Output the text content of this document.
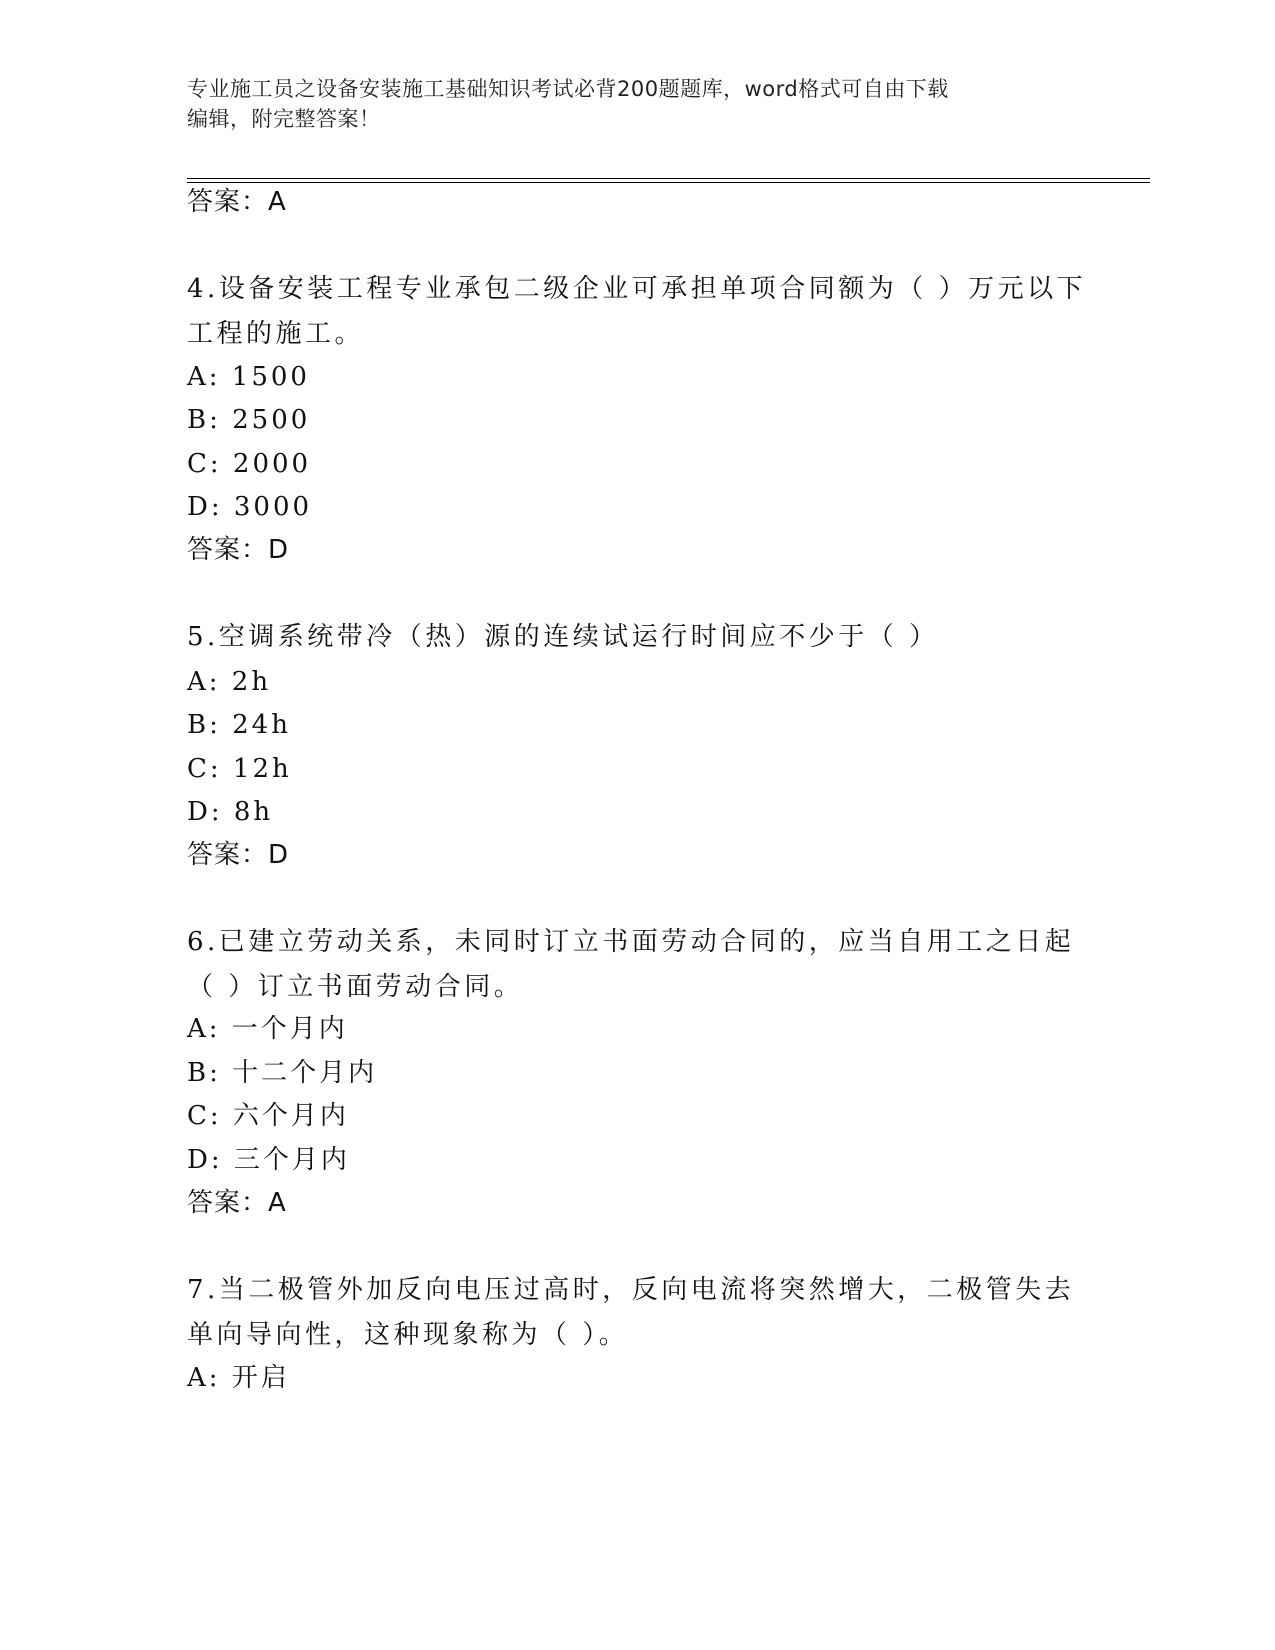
专业施工员之设备安装施工基础知识考试必背200题题库，word格式可自由下载
编辑，附完整答案！
答案：A
4.设备安装工程专业承包二级企业可承担单项合同额为（ ）万元以下工程的施工。
A: 1500
B: 2500
C: 2000
D: 3000
答案：D
5.空调系统带冷（热）源的连续试运行时间应不少于（ ）
A: 2h
B: 24h
C: 12h
D: 8h
答案：D
6.已建立劳动关系，未同时订立书面劳动合同的，应当自用工之日起（ ）订立书面劳动合同。
A: 一个月内
B: 十二个月内
C: 六个月内
D: 三个月内
答案：A
7.当二极管外加反向电压过高时，反向电流将突然增大，二极管失去单向导向性，这种现象称为（ ）。
A: 开启
